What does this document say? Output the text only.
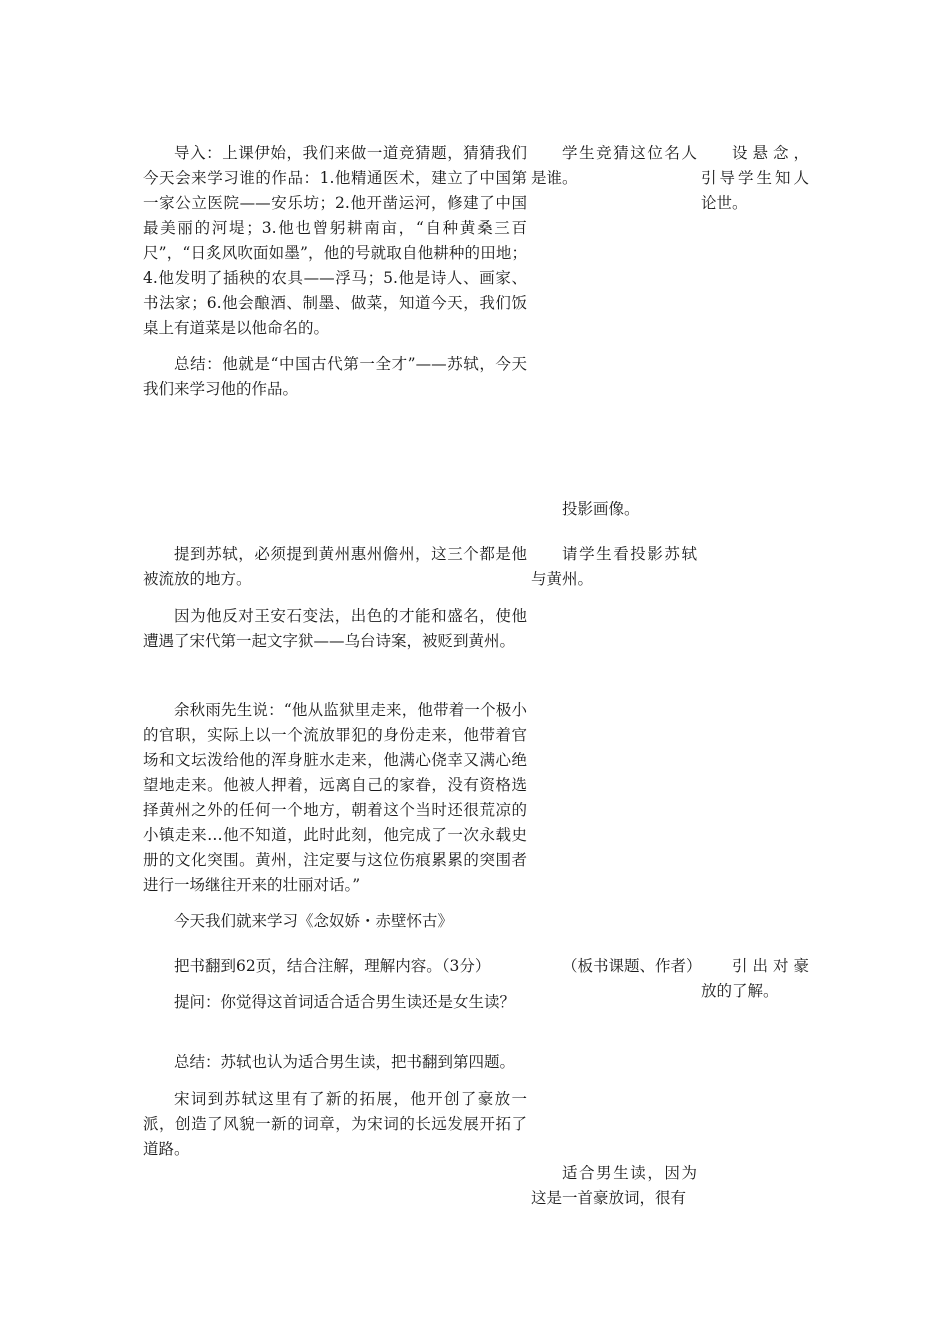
导入：上课伊始，我们来做一道竞猜题，猜猜我们今天会来学习谁的作品：1.他精通医术，建立了中国第一家公立医院——安乐坊；2.他开凿运河，修建了中国最美丽的河堤；3.他也曾躬耕南亩，“自种黄桑三百尺”，“日炙风吹面如墨”，他的号就取自他耕种的田地；4.他发明了插秧的农具——浮马；5.他是诗人、画家、书法家；6.他会酿酒、制墨、做菜，知道今天，我们饭桌上有道菜是以他命名的。

总结：他就是“中国古代第一全才”——苏轼，今天我们来学习他的作品。

提到苏轼，必须提到黄州惠州儋州，这三个都是他被流放的地方。

因为他反对王安石变法，出色的才能和盛名，使他遭遇了宋代第一起文字狱——乌台诗案，被贬到黄州。

余秋雨先生说：“他从监狱里走来，他带着一个极小的官职，实际上以一个流放罪犯的身份走来，他带着官场和文坛泼给他的浑身脏水走来，他满心侥幸又满心绝望地走来。他被人押着，远离自己的家眷，没有资格选择黄州之外的任何一个地方，朝着这个当时还很荒凉的小镇走来…他不知道，此时此刻，他完成了一次永载史册的文化突围。黄州，注定要与这位伤痕累累的突围者进行一场继往开来的壮丽对话。”

今天我们就来学习《念奴娇・赤壁怀古》

把书翻到62页，结合注解，理解内容。（3分）

提问：你觉得这首词适合适合男生读还是女生读？

总结：苏轼也认为适合男生读，把书翻到第四题。

宋词到苏轼这里有了新的拓展，他开创了豪放一派，创造了风貌一新的词章，为宋词的长远发展开拓了道路。

学生竞猜这位名人是谁。

投影画像。

请学生看投影苏轼与黄州。

（板书课题、作者）

适合男生读，因为这是一首豪放词，很有

设悬念，引导学生知人论世。

引出对豪放的了解。
